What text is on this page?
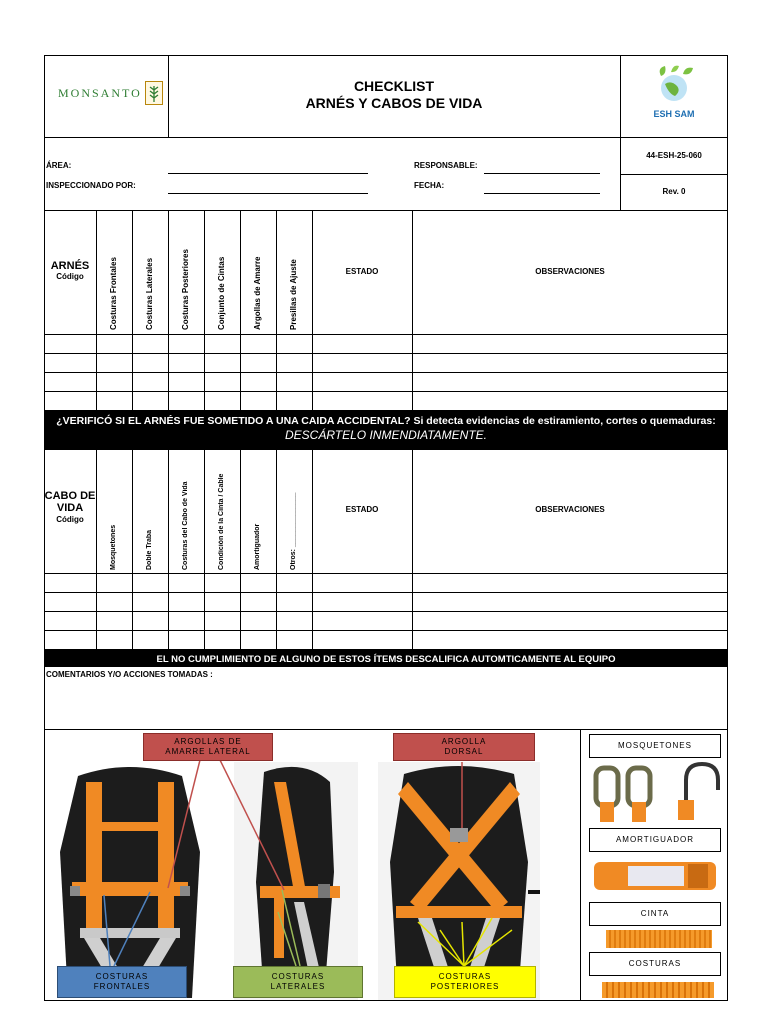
MONSANTO	CHECKLIST
ARNÉS Y CABOS DE VIDA
ESH SAM
ÁREA:
INSPECCIONADO POR:
RESPONSABLE:
FECHA:
44-ESH-25-060
Rev. 0
ARNÉS
Código	Costuras Frontales	Costuras Laterales	Costuras Posteriores	Conjunto de Cintas	Argollas de Amarre	Presillas de Ajuste	ESTADO	OBSERVACIONES
¿VERIFICÓ SI EL ARNÉS FUE SOMETIDO A UNA CAIDA ACCIDENTAL? Si detecta evidencias de estiramiento, cortes o quemaduras:
DESCÁRTELO INMENDIATAMENTE.
CABO DE
VIDA
Código
Mosquetones	Doble Traba	Costuras del Cabo de Vida	Condición de la Cinta / Cable	Amortiguador	Otros: ______________	ESTADO	OBSERVACIONES
EL NO CUMPLIMIENTO DE ALGUNO DE ESTOS ÍTEMS DESCALIFICA AUTOMTICAMENTE AL EQUIPO
COMENTARIOS Y/O ACCIONES TOMADAS :
ARGOLLAS DE AMARRE LATERAL
ARGOLLA DORSAL
COSTURAS FRONTALES
COSTURAS LATERALES
COSTURAS POSTERIORES
MOSQUETONES
AMORTIGUADOR
CINTA
COSTURAS
